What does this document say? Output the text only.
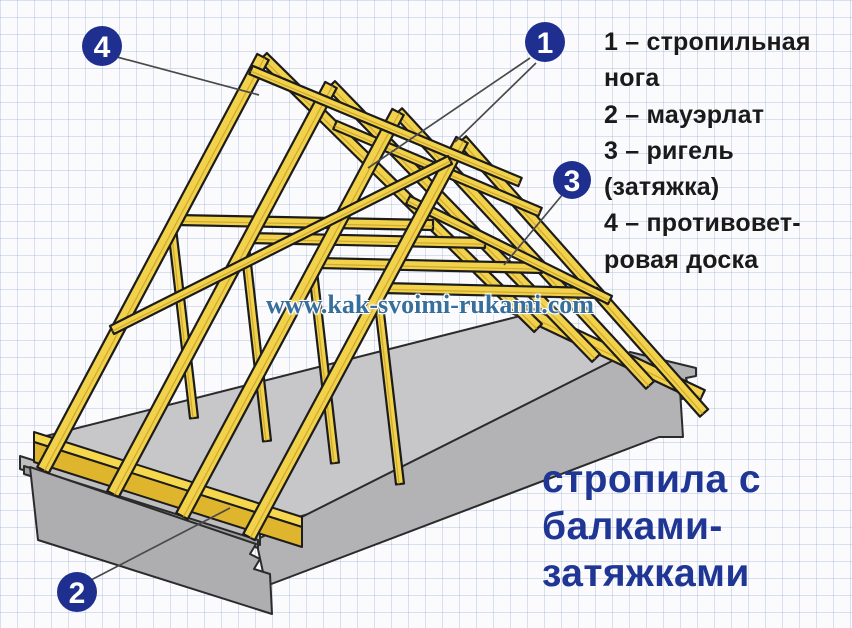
4	1
3
2
1 – стропильная
нога
2 – мауэрлат
3 – ригель
(затяжка)
4 – противовет-
ровая доска
www.kak-svoimi-rukami.com
стропила с
балками-
затяжками
